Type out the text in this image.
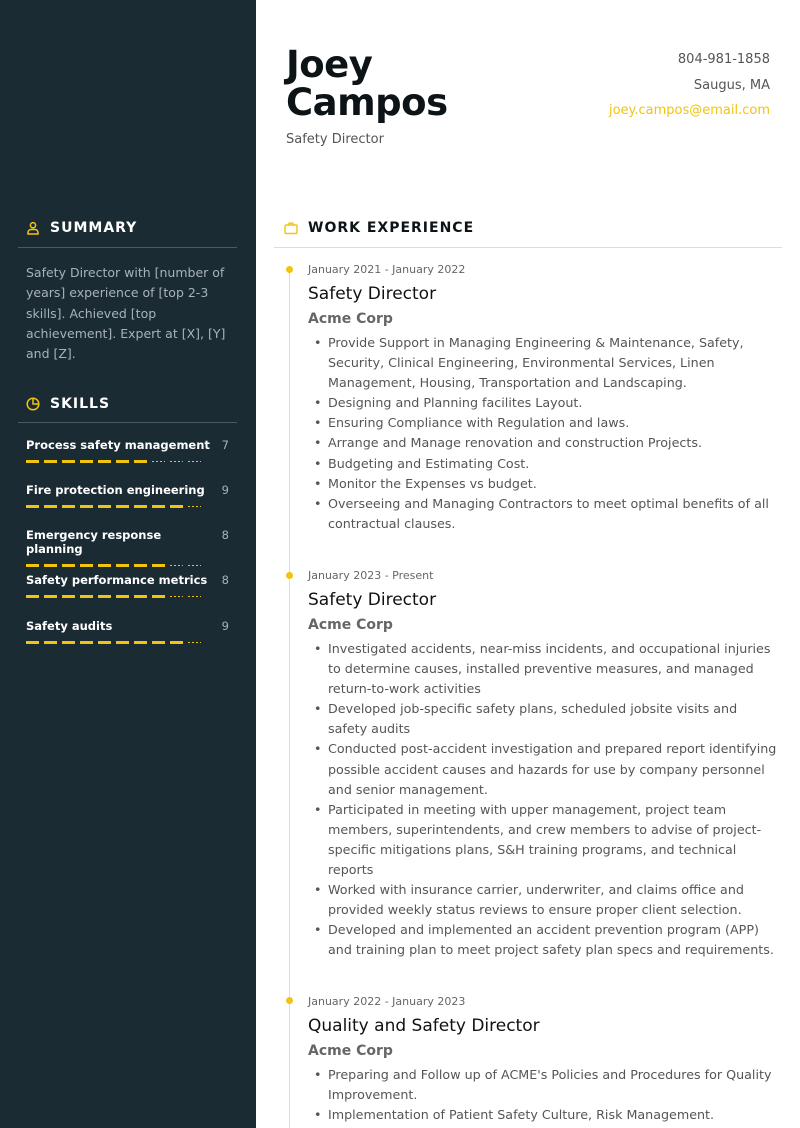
SUMMARY

Safety Director with [number of years] experience of [top 2-3 skills]. Achieved [top achievement]. Expert at [X], [Y] and [Z].

SKILLS
Process safety management 7
Fire protection engineering 9
Emergency response planning
8
Safety performance metrics 8
Safety audits	9
Joey
Campos
Safety Director
804-981-1858
Saugus, MA
joey.campos@email.com
WORK EXPERIENCE
January 2021 - January 2022
Safety Director
Acme Corp
• Provide Support in Managing Engineering & Maintenance, Safety, Security, Clinical Engineering, Environmental Services, Linen Management, Housing, Transportation and Landscaping.
• Designing and Planning facilites Layout.
• Ensuring Compliance with Regulation and laws.
• Arrange and Manage renovation and construction Projects.
• Budgeting and Estimating Cost.
• Monitor the Expenses vs budget.
• Overseeing and Managing Contractors to meet optimal benefits of all contractual clauses.
January 2023 - Present
Safety Director
Acme Corp
• Investigated accidents, near-miss incidents, and occupational injuries to determine causes, installed preventive measures, and managed return-to-work activities
• Developed job-specific safety plans, scheduled jobsite visits and safety audits
• Conducted post-accident investigation and prepared report identifying possible accident causes and hazards for use by company personnel and senior management.
• Participated in meeting with upper management, project team members, superintendents, and crew members to advise of project-specific mitigations plans, S&H training programs, and technical reports
• Worked with insurance carrier, underwriter, and claims office and provided weekly status reviews to ensure proper client selection.
• Developed and implemented an accident prevention program (APP) and training plan to meet project safety plan specs and requirements.
January 2022 - January 2023
Quality and Safety Director
Acme Corp
• Preparing and Follow up of ACME's Policies and Procedures for Quality Improvement.
• Implementation of Patient Safety Culture, Risk Management.
